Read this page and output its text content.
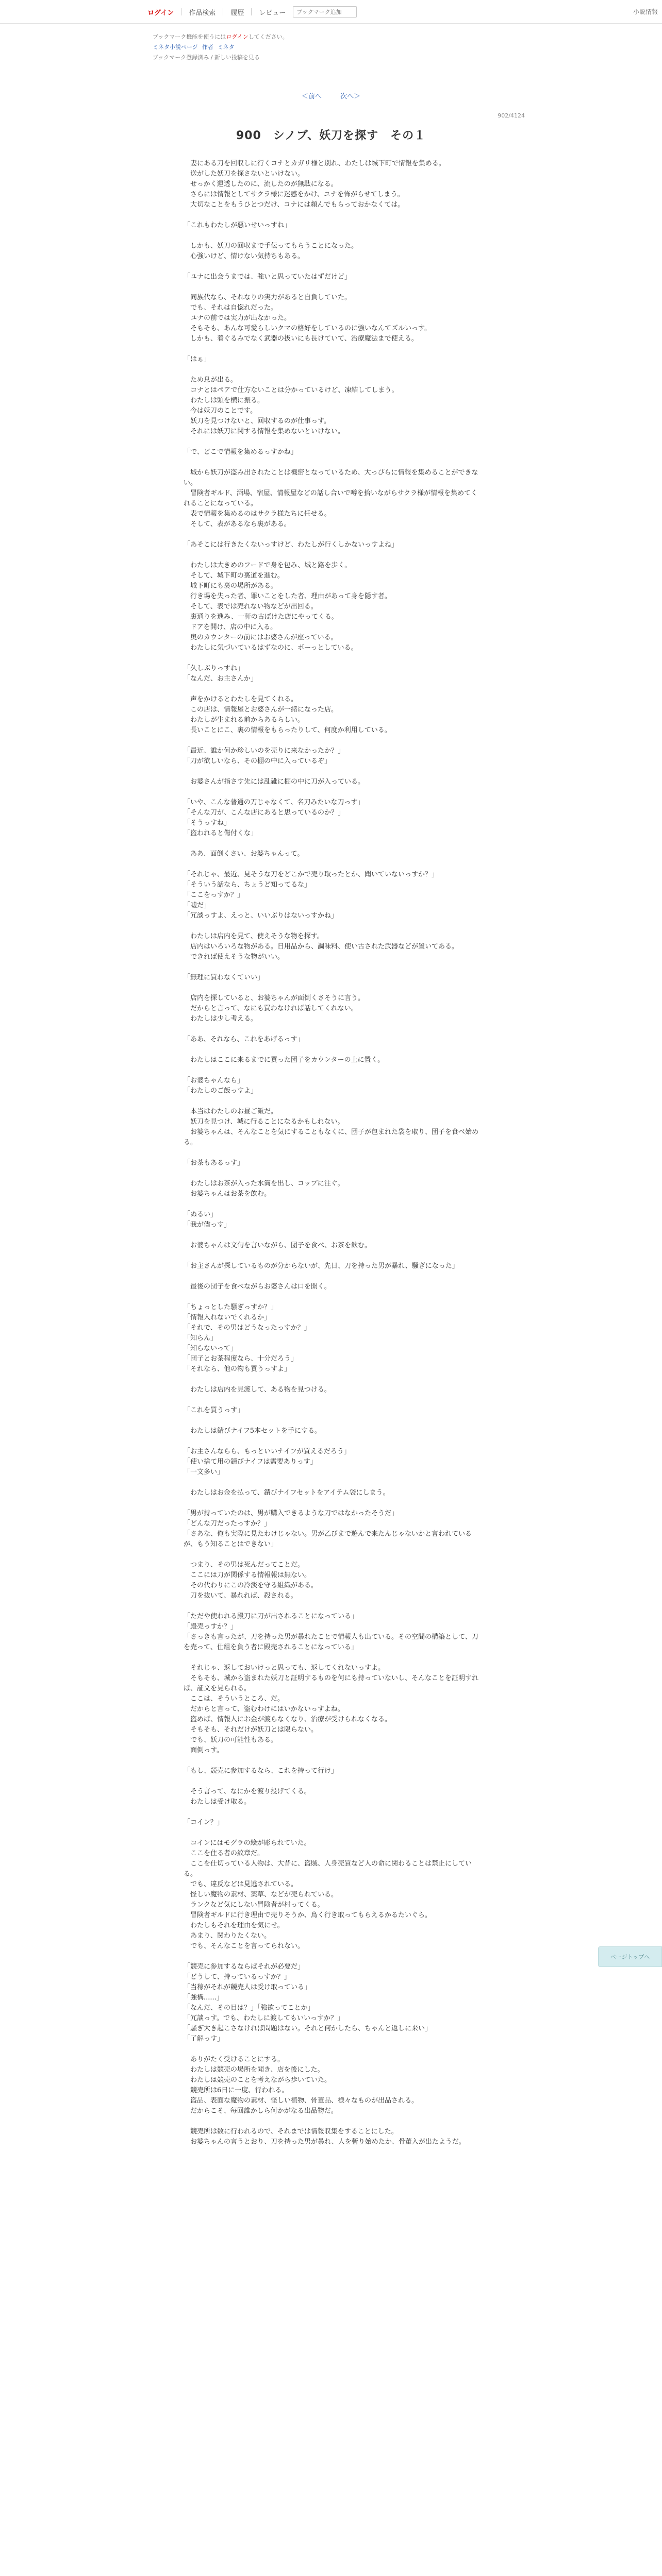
ログイン 作品検索 履歴 レビュー
ブックマーク追加	小説情報
ブックマーク機能を使うにはログインしてください。
ミネタ小説ページ 作者 ミネタ
ブックマーク登録済み / 新しい投稿を見る
＜前へ	次へ＞
902/4124
900　シノブ、妖刀を探す　その１

　妻にある刀を回収しに行くコナとカガリ様と別れ、わたしは城下町で情報を集める。

　送がした妖刀を探さないといけない。

　せっかく運透したのに、流したのが無駄になる。

　さらには情報としてサクラ様に迷惑をかけ、ユナを怖がらせてしまう。

　大切なことをもうひとつだけ、コナには頼んでもらっておかなくては。

「これもわたしが悪いせいっすね」

　しかも、妖刀の回収まで手伝ってもらうことになった。

　心強いけど、情けない気持ちもある。

「ユナに出会うまでは、強いと思っていたはずだけど」

　同族代なら、それなりの実力があると自負していた。

　でも、それは自惚れだった。

　ユナの前では実力が出なかった。

　そもそも、あんな可愛らしいクマの格好をしているのに強いなんてズルいっす。

　しかも、着ぐるみでなく武器の扱いにも長けていて、治療魔法まで使える。

「はぁ」

　ため息が出る。

　コナとはペアで仕方ないことは分かっているけど、凍結してしまう。

　わたしは頭を横に振る。

　今は妖刀のことです。

　妖刀を見つけないと、回収するのが仕事っす。

　それには妖刀に関する情報を集めないといけない。

「で、どこで情報を集めるっすかね」

　城から妖刀が盗み出されたことは機密となっているため、大っぴらに情報を集めることができない。

　冒険者ギルド、酒場、宿屋、情報屋などの話し合いで噂を拾いながらサクラ様が情報を集めてくれることになっている。

　表で情報を集めるのはサクラ様たちに任せる。

　そして、表があるなら裏がある。

「あそこには行きたくないっすけど、わたしが行くしかないっすよね」

　わたしは大きめのフードで身を包み、城と路を歩く。

　そして、城下町の裏道を進む。

　城下町にも裏の場所がある。

　行き場を失った者、罪いことをした者、理由があって身を隠す者。

　そして、表では売れない物などが出回る。

　裏通りを進み、一軒の古ぼけた店にやってくる。

　ドアを開け、店の中に入る。

　奥のカウンターの前にはお婆さんが座っている。

　わたしに気づいているはずなのに、ボーっとしている。

「久しぶりっすね」

「なんだ、お主さんか」

　声をかけるとわたしを見てくれる。

　この店は、情報屋とお婆さんが一緒になった店。

　わたしが生まれる前からあるらしい。

　長いことにこ、裏の情報をもらったりして、何度か利用している。

「最近、誰か何か珍しいのを売りに来なかったか？」

「刀が欲しいなら、その棚の中に入っているぞ」

　お婆さんが指さす先には乱雑に棚の中に刀が入っている。

「いや、こんな普通の刀じゃなくて、名刀みたいな刀っす」

「そんな刀が、こんな店にあると思っているのか？」

「そうっすね」

「盗われると傷付くな」

　ああ、面倒くさい、お婆ちゃんって。

「それじゃ、最近、見そうな刀をどこかで売り取ったとか、聞いていないっすか？」

「そういう話なら、ちょうど知ってるな」

「ここをっすか？」

「嘘だ」

「冗談っすよ、えっと、いいぶりはないっすかね」

　わたしは店内を見て、使えそうな物を探す。

　店内はいろいろな物がある。日用品から、調味料、使い古された武器などが置いてある。

　できれば使えそうな物がいい。

「無理に買わなくていい」

　店内を探していると、お婆ちゃんが面倒くさそうに言う。

　だからと言って、なにも買わなければ話してくれない。

　わたしは少し考える。

「ああ、それなら、これをあげるっす」

　わたしはここに来るまでに買った団子をカウンターの上に置く。

「お婆ちゃんなら」

「わたしのご飯っすよ」

　本当はわたしのお昼ご飯だ。

　妖刀を見つけ、城に行ることになるかもしれない。

　お婆ちゃんは、そんなことを気にすることもなくに、団子が包まれた袋を取り、団子を食べ始める。

「お茶もあるっす」

　わたしはお茶が入った水筒を出し、コップに注ぐ。

　お婆ちゃんはお茶を飲む。

「ぬるい」

「我が儘っす」

　お婆ちゃんは文句を言いながら、団子を食べ、お茶を飲む。

「お主さんが探しているものが分からないが、先日、刀を持った男が暴れ、騒ぎになった」

　最後の団子を食べながらお婆さんは口を開く。

「ちょっとした騒ぎっすか？」

「情報入れないでくれるか」

「それで、その男はどうなったっすか？」

「知らん」

「知らないって」

「団子とお茶程度なら、十分だろう」

「それなら、他の物も買うっすよ」

　わたしは店内を見渡して、ある物を見つける。

「これを買うっす」

　わたしは錆びナイフ5本セットを手にする。

「お主さんならら、もっといいナイフが買えるだろう」

「使い捨て用の錆びナイフは需要ありっす」

「一文多い」

　わたしはお金を払って、錆びナイフセットをアイテム袋にしまう。

「男が持っていたのは、男が購入できるような刀ではなかったそうだ」

「どんな刀だったっすか？」

「さあな、俺も実際に見たわけじゃない。男が乙びまで遊んで来たんじゃないかと言われているが、もう知ることはできない」

　つまり、その男は死んだってことだ。

　ここには刀が関係する情報報は無ない。

　その代わりにこの冷淡を守る組織がある。

　刀を抜いて、暴れれば、殺される。

「ただや使われる殿刀に刀が出されることになっている」

「殿売っすか？」

「さっきも言ったが、刀を持った男が暴れたことで情報人も出ている。その空間の構築として、刀を売って、仕組を負う者に殿売されることになっている」

　それじゃ、返しておいけっと思っても、返してくれないっすよ。

　そもそも、城から盗まれた妖刀と証明するものを何にも持っていないし、そんなことを証明すれば、証文を見られる。

　ここは、そういうところ、だ。

　だからと言って、盗むわけにはいかないっすよね。

　盗めば、情報人にお金が渡らなくなり、治療が受けられなくなる。

　そもそも、それだけが妖刀とは限らない。

　でも、妖刀の可能性もある。

　面倒っす。

「もし、競売に参加するなら、これを持って行け」

　そう言って、なにかを渡り投げてくる。

　わたしは受け取る。

「コイン？」

　コインにはモグラの絵が彫られていた。

　ここを住る者の紋章だ。

　ここを仕切っている人物は、大昔に、盗賊、人身売買など人の命に関わることは禁止にしている。

　でも、違反などは見逃されている。

　怪しい魔物の素材、薬草、などが売られている。

　ランクなど気にしない冒険者が村ってくる。

　冒険者ギルドに行き理由で売りそうか、鳥く行き取ってもらえるかるたいぐら。

　わたしもそれを理由を気にせ。

　あまり、関わりたくない。

　でも、そんなことを言ってられない。

「競売に参加するならばそれが必要だ」

「どうして、持っているっすか？」

「当稼がそれが競売人は受け取っている」

「強構......」

「なんだ、その目は？」「強欲ってことか」

「冗談っす。でも、わたしに渡してもいいっすか？」

「騒ぎ大き起こさなければ問題はない。それと何かしたら、ちゃんと返しに来い」

「了解っす」

　ありがたく受けることにする。

　わたしは競売の場所を聞き、店を後にした。

　わたしは競売のことを考えながら歩いていた。

　競売所は6日に一度、行われる。

　盗品、表面な魔物の素材、怪しい植物、骨董品、様々なものが出品される。

　だからこそ、毎回誰かしら何かがなる出品物だ。

　競売所は数に行われるので、それまでは情報収集をすることにした。

　お婆ちゃんの言うとおり、刀を持った男が暴れ、人を斬り始めたか、骨董入が出たようだ。

ページトップへ
